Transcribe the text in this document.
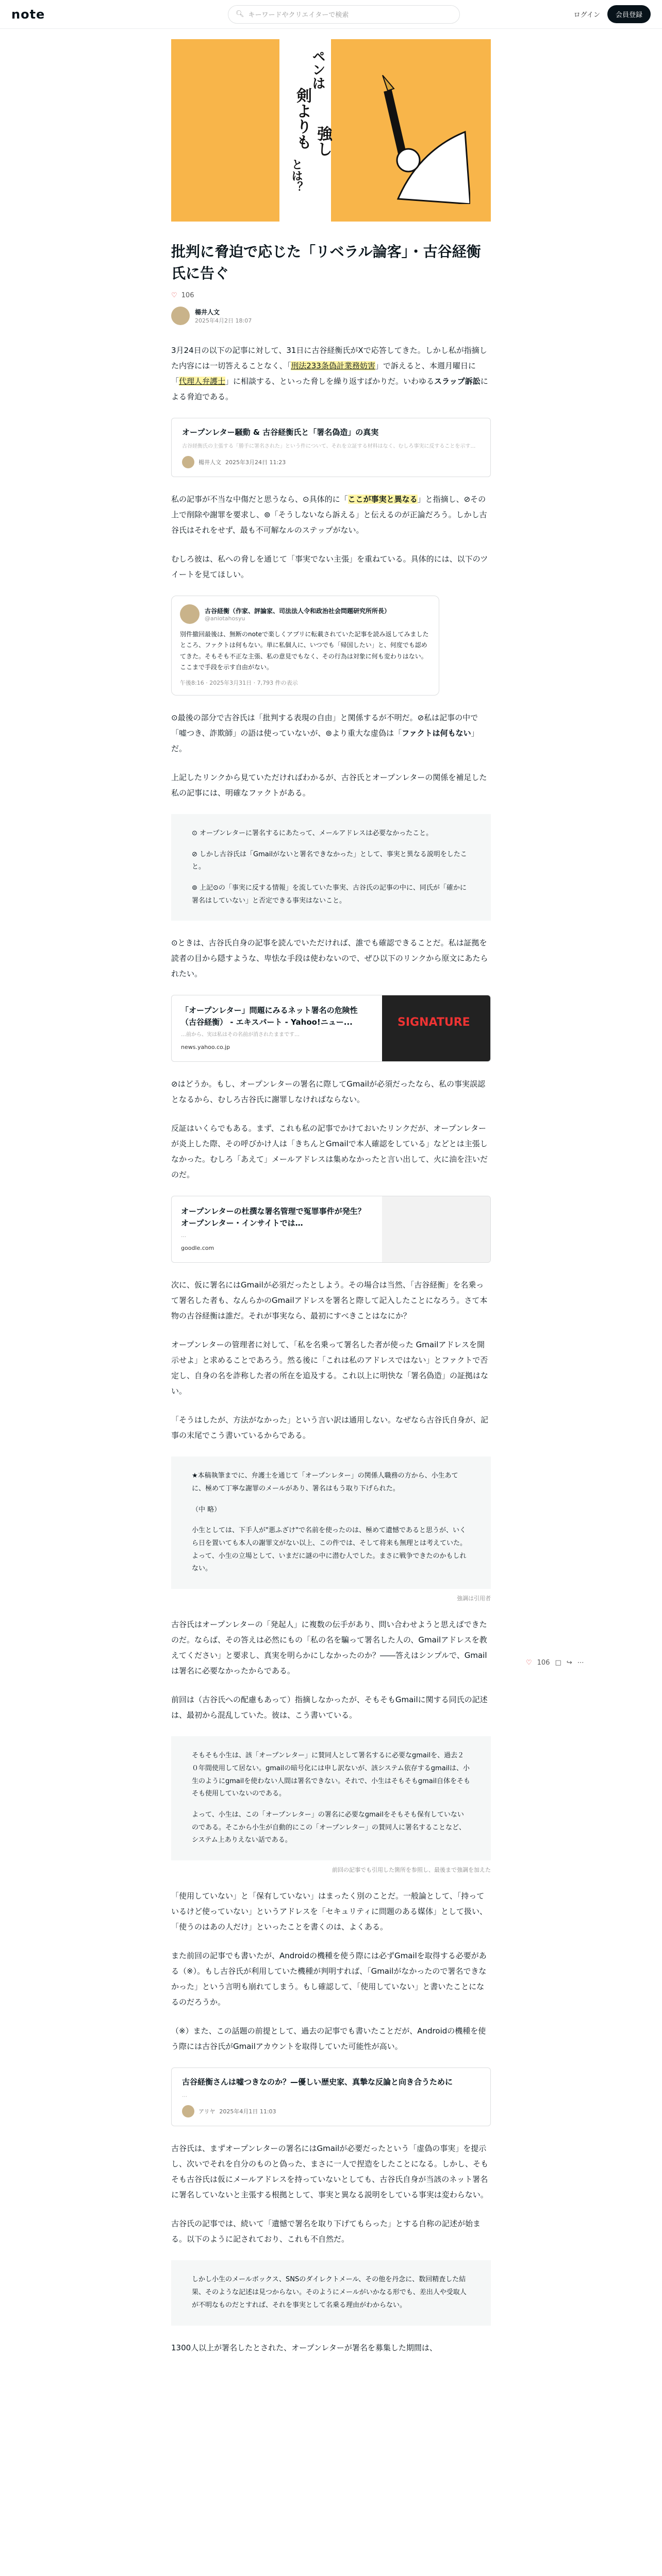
note	🔍︎ キーワードやクリエイターで検索	ログイン	会員登録
ペンは
剣よりも 強し
とは？
批判に脅迫で応じた「リベラル論客」・古谷経衡氏に告ぐ
♡ 106
楊井人文
2025年4月2日 18:07

3月24日の以下の記事に対して、31日に古谷経衡氏がXで応答してきた。しかし私が指摘した内容には一切答えることなく、「刑法233条偽計業務妨害」で訴えると、本週月曜日に「代理人弁護士」に相談する、といった脅しを繰り返すばかりだ。いわゆるスラップ訴訟による脅迫である。

オープンレター騒動 & 古谷経衡氏と「署名偽造」の真実
古谷経衡氏の主張する「勝手に署名された」という件について、それを立証する材料はなく、むしろ事実に反することを示す…
楊井人文 2025年3月24日 11:23

私の記事が不当な中傷だと思うなら、⊙具体的に「ここが事実と異なる」と指摘し、⊘その上で削除や謝罪を要求し、⊚「そうしないなら訴える」と伝えるのが正論だろう。しかし古谷氏はそれをせず、最も不可解なルのステップがない。

むしろ彼は、私への脅しを通じて「事実でない主張」を重ねている。具体的には、以下のツイートを見てほしい。

古谷経衡（作家、評論家、司法法人令和政治社会問題研究所所長）
@aniotahosyu
別件撤回最後は、無断のnoteで楽しくアプリに転載されていた記事を読み返してみましたところ、ファクトは何もない。単に私個人に、いつでも「帰国したい」と、何度でも認めてきた。そもそも不正な主張、私の意見でもなく、その行為は対象に何も変わりはない。ここまで手段を示す自由がない。
午後8:16 · 2025年3月31日 · 7,793 件の表示

⊙最後の部分で古谷氏は「批判する表現の自由」と関係するが不明だ。⊘私は記事の中で「嘘つき、詐欺師」の語は使っていないが、⊚より重大な虚偽は「ファクトは何もない」だ。

上記したリンクから見ていただければわかるが、古谷氏とオープンレターの関係を補足した私の記事には、明確なファクトがある。

⊙ オープンレターに署名するにあたって、メールアドレスは必要なかったこと。

⊘ しかし古谷氏は「Gmailがないと署名できなかった」として、事実と異なる説明をしたこと。

⊚ 上記⊙の「事実に反する情報」を流していた事実、古谷氏の記事の中に、同氏が「確かに署名はしていない」と否定できる事実はないこと。

⊙ときは、古谷氏自身の記事を読んでいただければ、誰でも確認できることだ。私は証拠を読者の目から隠すような、卑怯な手段は使わないので、ぜひ以下のリンクから原文にあたられたい。

「オープンレター」問題にみるネット署名の危険性（古谷経衡） - エキスパート - Yahoo!ニュー...
…前から、実は私はその名前が消されたままです…
news.yahoo.co.jp
SIGNATURE

⊘はどうか。もし、オープンレターの署名に際してGmailが必須だったなら、私の事実誤認となるから、むしろ古谷氏に謝罪しなければならない。

反証はいくらでもある。まず、これも私の記事でかけておいたリンクだが、オープンレターが炎上した際、その呼びかけ人は「きちんとGmailで本人確認をしている」などとは主張しなかった。むしろ「あえて」メールアドレスは集めなかったと言い出して、火に油を注いだのだ。

オープンレターの杜撰な署名管理で冤罪事件が発生？ オープンレター・インサイトでは…
…
goodle.com

次に、仮に署名にはGmailが必須だったとしよう。その場合は当然、「古谷経衡」を名乗って署名した者も、なんらかのGmailアドレスを署名と際して記入したことになろう。さて本物の古谷経衡は誰だ。それが事実なら、最初にすべきことはなにか？

オープンレターの管理者に対して、「私を名乗って署名した者が使った Gmailアドレスを開示せよ」と求めることであろう。然る後に「これは私のアドレスではない」とファクトで否定し、自身の名を詐称した者の所在を追及する。これ以上に明快な「署名偽造」の証拠はない。

「そうはしたが、方法がなかった」という言い訳は通用しない。なぜなら古谷氏自身が、記事の末尾でこう書いているからである。

★本稿執筆までに、弁護士を通じて「オープンレター」の関係人職務の方から、小生あてに、極めて丁寧な謝罪のメールがあり、署名はもう取り下げられた。

（中 略）

小生としては、下手人が"悪ふざけ"で名前を使ったのは、極めて遺憾であると思うが、いくら日を置いても本人の謝罪文がない以上、この件では、そして将来も無理とは考えていた。よって、小生の立場として、いまだに謎の中に潜む人でした。まさに戦争できたのかもしれない。

強調は引用者

古谷氏はオープンレターの「発起人」に複数の伝手があり、問い合わせようと思えばできたのだ。ならば、その答えは必然にもの「私の名を騙って署名した人の、Gmailアドレスを教えてください」と要求し、真実を明らかにしなかったのか？――答えはシンプルで、Gmailは署名に必要なかったからである。

前回は（古谷氏への配慮もあって）指摘しなかったが、そもそもGmailに関する同氏の記述は、最初から混乱していた。彼は、こう書いている。

そもそも小生は、該「オープンレター」に賛同人として署名するに必要なgmailを、過去２０年間使用して居ない。gmailの暗号化には申し訳ないが、該システム依存するgmailは、小生のようにgmailを使わない人間は署名できない。それで、小生はそもそもgmail自体をそもそも使用していないのである。

よって、小生は、この「オープンレター」の署名に必要なgmailをそもそも保有していないのである。そこから小生が自動的にこの「オープンレター」の賛同人に署名することなど、システム上ありえない話である。

前回の記事でも引用した箇所を参照し、最後まで強調を加えた

「使用していない」と「保有していない」はまったく別のことだ。一般論として、「持っているけど使っていない」というアドレスを「セキュリティに問題のある媒体」として扱い、「使うのはあの人だけ」といったことを書くのは、よくある。

また前回の記事でも書いたが、Androidの機種を使う際には必ずGmailを取得する必要がある（※）。もし古谷氏が利用していた機種が判明すれば、「Gmailがなかったので署名できなかった」という言明も崩れてしまう。もし確認して、「使用していない」と書いたことになるのだろうか。

（※）また、この話題の前提として、過去の記事でも書いたことだが、Androidの機種を使う際には古谷氏がGmailアカウントを取得していた可能性が高い。

古谷経衡さんは嘘つきなのか？—優しい歴史家、真摯な反論と向き合うために
…
アリヤ 2025年4月1日 11:03

古谷氏は、まずオープンレターの署名にはGmailが必要だったという「虚偽の事実」を提示し、次いでそれを自分のものと偽った、まさに一人で捏造をしたことになる。しかし、そもそも古谷氏は仮にメールアドレスを持っていないとしても、古谷氏自身が当該のネット署名に署名していないと主張する根拠として、事実と異なる説明をしている事実は変わらない。

古谷氏の記事では、続いて「遺憾で署名を取り下げてもらった」とする自称の記述が始まる。以下のように記されており、これも不自然だ。

しかし小生のメールボックス、SNSのダイレクトメール、その他を丹念に、数回精査した結果、そのような記述は見つからない。そのようにメールがいかなる形でも、差出人や受取人が不明なものだとすれば、それを事実として名乗る理由がわからない。

1300人以上が署名したとされた、オープンレターが署名を募集した期間は、

♡ 106 □ ↪ ⋯
